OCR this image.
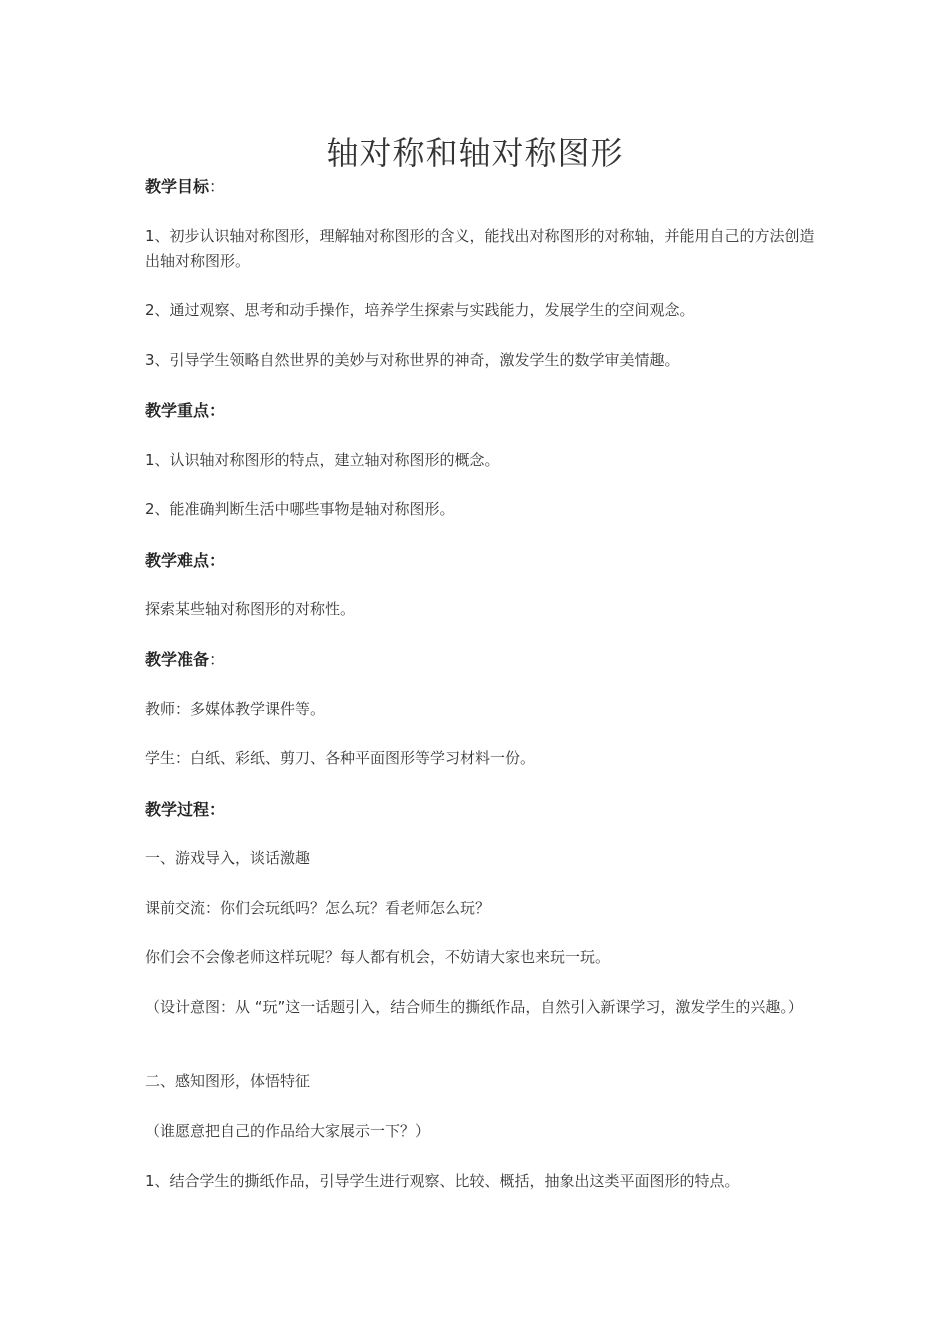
轴对称和轴对称图形

教学目标：

1、初步认识轴对称图形，理解轴对称图形的含义，能找出对称图形的对称轴，并能用自己的方法创造出轴对称图形。

2、通过观察、思考和动手操作，培养学生探索与实践能力，发展学生的空间观念。

3、引导学生领略自然世界的美妙与对称世界的神奇，激发学生的数学审美情趣。

教学重点：

1、认识轴对称图形的特点，建立轴对称图形的概念。

2、能准确判断生活中哪些事物是轴对称图形。

教学难点：

探索某些轴对称图形的对称性。

教学准备：

教师：多媒体教学课件等。

学生：白纸、彩纸、剪刀、各种平面图形等学习材料一份。

教学过程：

一、游戏导入，谈话激趣

课前交流：你们会玩纸吗？怎么玩？看老师怎么玩？

你们会不会像老师这样玩呢？每人都有机会，不妨请大家也来玩一玩。

（设计意图：从 “玩”这一话题引入，结合师生的撕纸作品，自然引入新课学习，激发学生的兴趣。）

二、感知图形，体悟特征

（谁愿意把自己的作品给大家展示一下？）

1、结合学生的撕纸作品，引导学生进行观察、比较、概括，抽象出这类平面图形的特点。
